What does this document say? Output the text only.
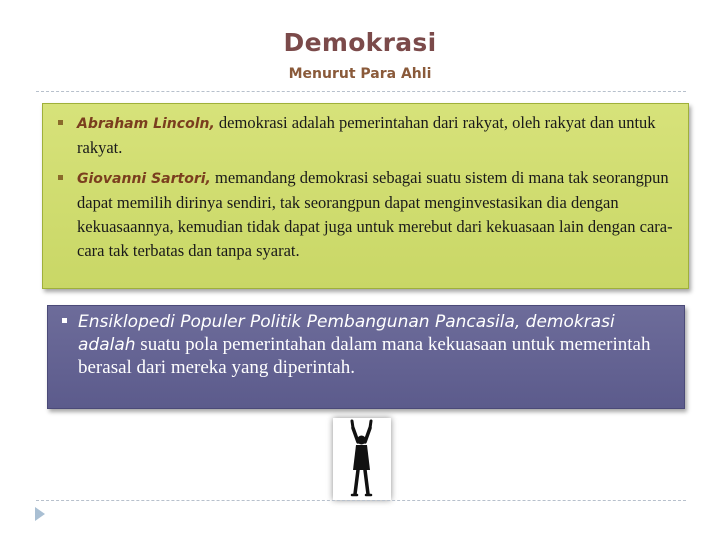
Demokrasi
Menurut Para Ahli
Abraham Lincoln, demokrasi adalah pemerintahan dari rakyat, oleh rakyat dan untuk rakyat.
Giovanni Sartori, memandang demokrasi sebagai suatu sistem di mana tak seorangpun dapat memilih dirinya sendiri, tak seorangpun dapat menginvestasikan dia dengan kekuasaannya, kemudian tidak dapat juga untuk merebut dari kekuasaan lain dengan cara-cara tak terbatas dan tanpa syarat.
Ensiklopedi Populer Politik Pembangunan Pancasila, demokrasi adalah suatu pola pemerintahan dalam mana kekuasaan untuk memerintah berasal dari mereka yang diperintah.
